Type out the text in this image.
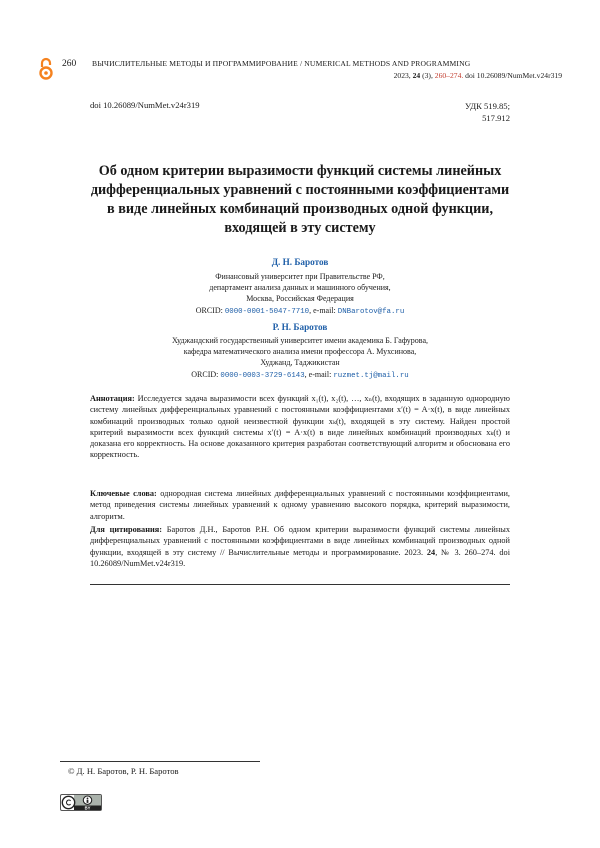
260 ВЫЧИСЛИТЕЛЬНЫЕ МЕТОДЫ И ПРОГРАММИРОВАНИЕ / NUMERICAL METHODS AND PROGRAMMING
2023, 24 (3), 260–274. doi 10.26089/NumMet.v24r319
doi 10.26089/NumMet.v24r319	УДК 519.85;
517.912
Об одном критерии выразимости функций системы линейных дифференциальных уравнений с постоянными коэффициентами в виде линейных комбинаций производных одной функции, входящей в эту систему
Д. Н. Баротов
Финансовый университет при Правительстве РФ,
департамент анализа данных и машинного обучения,
Москва, Российская Федерация
ORCID: 0000-0001-5047-7710, e-mail: DNBarotov@fa.ru
Р. Н. Баротов
Худжандский государственный университет имени академика Б. Гафурова,
кафедра математического анализа имени профессора А. Мухсинова,
Худжанд, Таджикистан
ORCID: 0000-0003-3729-6143, e-mail: ruzmet.tj@mail.ru
Аннотация: Исследуется задача выразимости всех функций x₁(t), x₂(t), …, xₙ(t), входящих в заданную однородную систему линейных дифференциальных уравнений с постоянными коэффициентами x′(t) = A·x(t), в виде линейных комбинаций производных только одной неизвестной функции xₖ(t), входящей в эту систему. Найден простой критерий выразимости всех функций системы x′(t) = A·x(t) в виде линейных комбинаций производных xₖ(t) и доказана его корректность. На основе доказанного критерия разработан соответствующий алгоритм и обоснована его корректность.
Ключевые слова: однородная система линейных дифференциальных уравнений с постоянными коэффициентами, метод приведения системы линейных уравнений к одному уравнению высокого порядка, критерий выразимости, алгоритм.
Для цитирования: Баротов Д.Н., Баротов Р.Н. Об одном критерии выразимости функций системы линейных дифференциальных уравнений с постоянными коэффициентами в виде линейных комбинаций производных одной функции, входящей в эту систему // Вычислительные методы и программирование. 2023. 24, № 3. 260–274. doi 10.26089/NumMet.v24r319.
© Д. Н. Баротов, Р. Н. Баротов
BY
